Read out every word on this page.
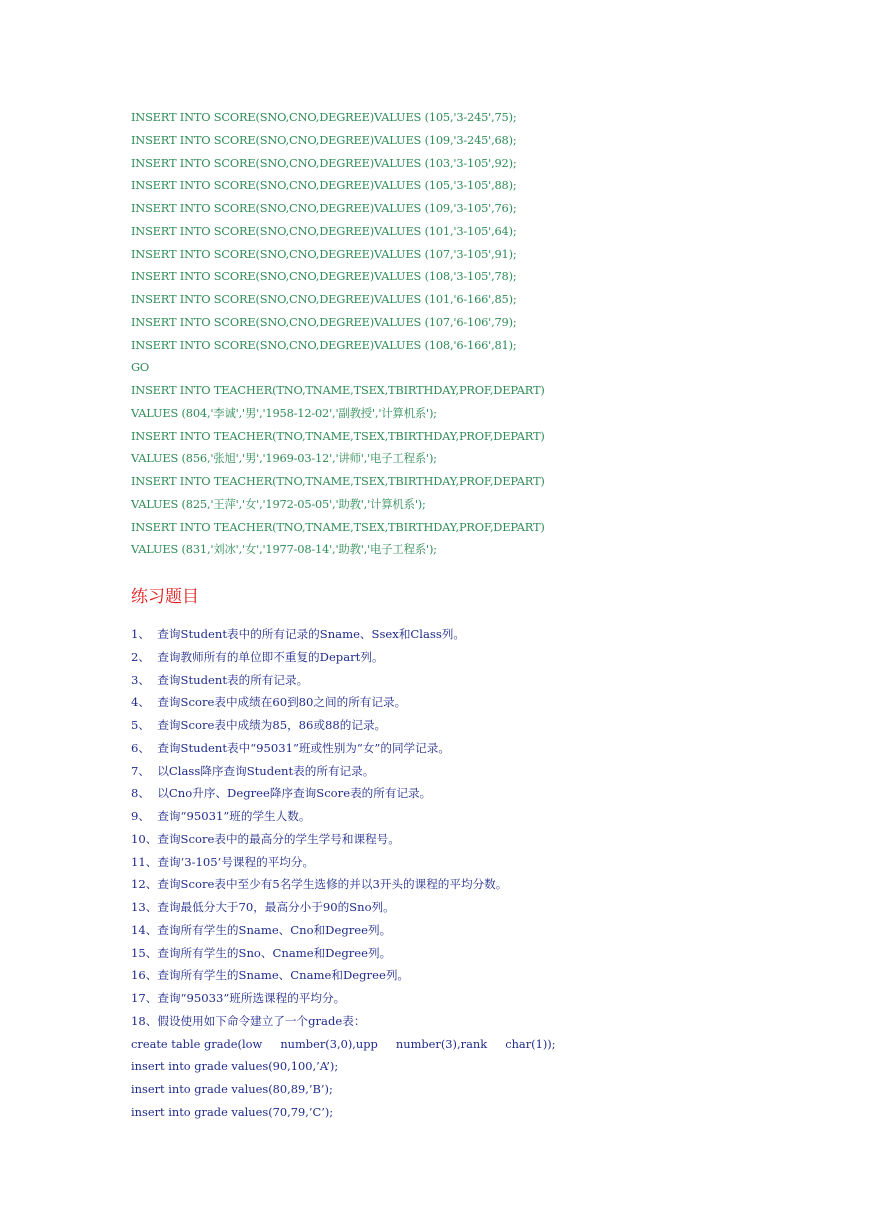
INSERT INTO SCORE(SNO,CNO,DEGREE)VALUES (105,'3-245',75);
INSERT INTO SCORE(SNO,CNO,DEGREE)VALUES (109,'3-245',68);
INSERT INTO SCORE(SNO,CNO,DEGREE)VALUES (103,'3-105',92);
INSERT INTO SCORE(SNO,CNO,DEGREE)VALUES (105,'3-105',88);
INSERT INTO SCORE(SNO,CNO,DEGREE)VALUES (109,'3-105',76);
INSERT INTO SCORE(SNO,CNO,DEGREE)VALUES (101,'3-105',64);
INSERT INTO SCORE(SNO,CNO,DEGREE)VALUES (107,'3-105',91);
INSERT INTO SCORE(SNO,CNO,DEGREE)VALUES (108,'3-105',78);
INSERT INTO SCORE(SNO,CNO,DEGREE)VALUES (101,'6-166',85);
INSERT INTO SCORE(SNO,CNO,DEGREE)VALUES (107,'6-106',79);
INSERT INTO SCORE(SNO,CNO,DEGREE)VALUES (108,'6-166',81);
GO
INSERT INTO TEACHER(TNO,TNAME,TSEX,TBIRTHDAY,PROF,DEPART)
VALUES (804,'李诚','男','1958-12-02','副教授','计算机系');
INSERT INTO TEACHER(TNO,TNAME,TSEX,TBIRTHDAY,PROF,DEPART)
VALUES (856,'张旭','男','1969-03-12','讲师','电子工程系');
INSERT INTO TEACHER(TNO,TNAME,TSEX,TBIRTHDAY,PROF,DEPART)
VALUES (825,'王萍','女','1972-05-05','助教','计算机系');
INSERT INTO TEACHER(TNO,TNAME,TSEX,TBIRTHDAY,PROF,DEPART)
VALUES (831,'刘冰','女','1977-08-14','助教','电子工程系');
练习题目
1、  查询Student表中的所有记录的Sname、Ssex和Class列。
2、  查询教师所有的单位即不重复的Depart列。
3、  查询Student表的所有记录。
4、  查询Score表中成绩在60到80之间的所有记录。
5、  查询Score表中成绩为85，86或88的记录。
6、  查询Student表中“95031”班或性别为“女”的同学记录。
7、  以Class降序查询Student表的所有记录。
8、  以Cno升序、Degree降序查询Score表的所有记录。
9、  查询“95031”班的学生人数。
10、查询Score表中的最高分的学生学号和课程号。
11、查询‘3-105’号课程的平均分。
12、查询Score表中至少有5名学生选修的并以3开头的课程的平均分数。
13、查询最低分大于70，最高分小于90的Sno列。
14、查询所有学生的Sname、Cno和Degree列。
15、查询所有学生的Sno、Cname和Degree列。
16、查询所有学生的Sname、Cname和Degree列。
17、查询“95033”班所选课程的平均分。
18、假设使用如下命令建立了一个grade表：
create table grade(low     number(3,0),upp     number(3),rank     char(1));
insert into grade values(90,100,’A’);
insert into grade values(80,89,’B’);
insert into grade values(70,79,’C’);
